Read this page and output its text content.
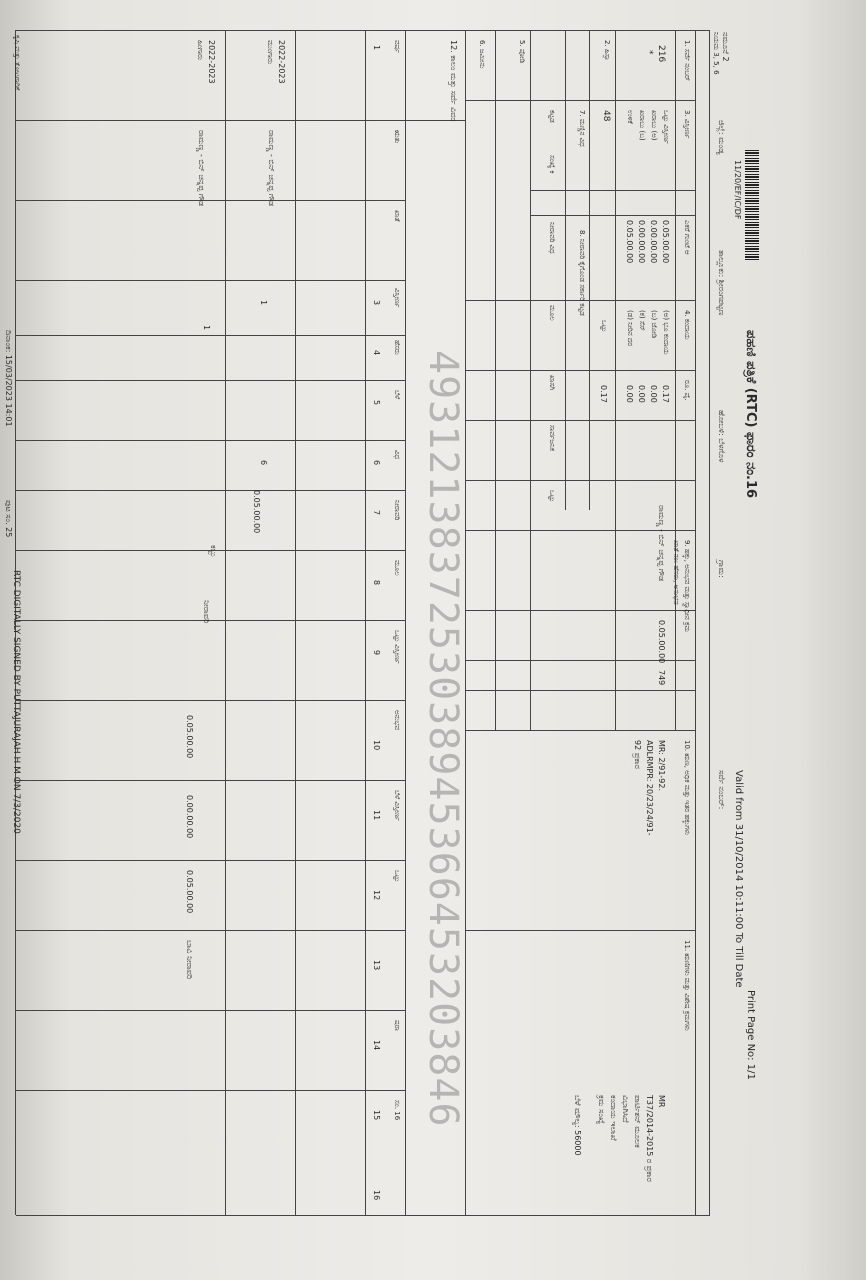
11/20/EF/IC/DF
ಪಹಣಿ ಪತ್ರಿಕೆ (RTC) ಫಾರಂ ನಂ.16
Print Page No: 1/1
Valid from 31/10/2014 10:11:00 To Till Date
ನಮೂನೆ 2
ನಿಯಮ 3, 5, 6
ಜಿಲ್ಲೆ: ಮಂಡ್ಯ
ತಾಲ್ಲೂಕು: ಶ್ರೀರಂಗಪಟ್ಟಣ
ಹೋಬಳಿ: ಬೆಳಗೊಳ
ಗ್ರಾಮ:
ಸರ್ವೆ ನಂಬರ್:
1. ಸರ್ವೆ ನಂಬರ್
216
*
2. ಹಿಸ್ಸಾ
48	3. ವಿಸ್ತೀರ್ಣ
ಎಕರೆ ಗುಂಟೆ ಆ
ಒಟ್ಟು ವಿಸ್ತೀರ್ಣ
0.05.00.00
ಖರಾಬು (ಅ)
0.00.00.00
ಖರಾಬು (ಬ)
0.00.00.00
ಉಳಿಕೆ
0.05.00.00
4. ಕಂದಾಯ
ರೂ. ಪೈ.
(ಅ) ಭೂ ಕಂದಾಯ
0.17
(ಬ) ಜೋಡಿ
0.00
(ಕ) ಸೆಸ್
0.00
(ಡ) ನೀರಿನ ದರ
0.00
ಒಟ್ಟು
0.17
7. ಮಣ್ಣಿನ ವಿಧ
8. ನೀರಾವರಿ ಕೈಗೊಂಡ ಸರ್ಕಾರಿ ಕಟ್ಟಡ
ಕಟ್ಟಡ
ಸಂಖ್ಯೆ ಕಿ
ನೀರಾವರಿ ವಿಧ
ಮೂಲ
ಖಾಸಗಿ
ಸಾರ್ವಜನಿಕ
ಒಟ್ಟು
5. ಪೋಡಿ
6. ಜಮೀನು
9. ಹಕ್ಕು, ಅನುಭವ ಮತ್ತು ಸ್ವಾಧೀನ ಕ್ರಮ
ಖಾತೆ ನಂ: ಹೆಸರು, ಅನುಭವ
ರಾಮಣ್ಣ - ಬಿನ್ ಚನ್ನಪ್ಪ ಗೌಡ
0.05.00.00
749
10. ಋಣ, ಅಧಿಕ ಮತ್ತು ಇತರ ಹಕ್ಕುಗಳು
MR: 2/91-92.
ADLRMPR: 20/23/24/91-
92 ಪ್ರಕಾರ
11. ಋಣಿಗಳು ಮತ್ತು ವಿಶೇಷ ಕ್ರಮಗಳು
MR
T37/2014-2015 ರ ಪ್ರಕಾರ
ಪಾರ್ಟಿಶನ್ ಮೂಲಕ
ವಿಭಾಗಿಸಿದೆ
ಕಂದಾಯ ಇಲಾಖೆ
ಕ್ರಮ ಸಂಖ್ಯೆ
ಬೆಳೆ ಮೌಲ್ಯ: 56000
12. ಕಾಲಂ ಮತ್ತು ಸರ್ವೆ ವಿವರ
ವರ್ಷ
ಋತು
ಖಾತೆ
ವಿಸ್ತೀರ್ಣ
ಹೆಸರು
ಬೆಳೆ
ವಿಧ
ನೀರಾವರಿ
ಮೂಲ
ಒಟ್ಟು ವಿಸ್ತೀರ್ಣ
ಅನುಭವ
ಬೆಳೆ ವಿಸ್ತೀರ್ಣ
ಒಟ್ಟು
ಷರಾ
ಸಂ. 16
1
3
4
5
6
7
8
9
10
11
12
13
14
15
16
2022-2023
ಮುಂಗಾರು
ರಾಮಣ್ಣ - ಬಿನ್ ಚನ್ನಪ್ಪ ಗೌಡ
1
6
0.05.00.00
2022-2023
ಹಿಂಗಾರು
ರಾಮಣ್ಣ - ಬಿನ್ ಚನ್ನಪ್ಪ ಗೌಡ
1
ಕಬ್ಬು
ನೀರಾವರಿ
0.05.00.00
0.00.00.00
0.05.00.00
ಬಾವಿ ನೀರಾವರಿ	4931213837253038945366453203846
ಕೃಷಿ ಮತ್ತು ತೋಟಗಾರಿಕೆ
ದಿನಾಂಕ: 15/03/2023 14:01
ಪುಟ ಸಂ. 25
RTC DIGITALLY SIGNED BY PUTTAJURAJAH H M ON 7/3/2020
